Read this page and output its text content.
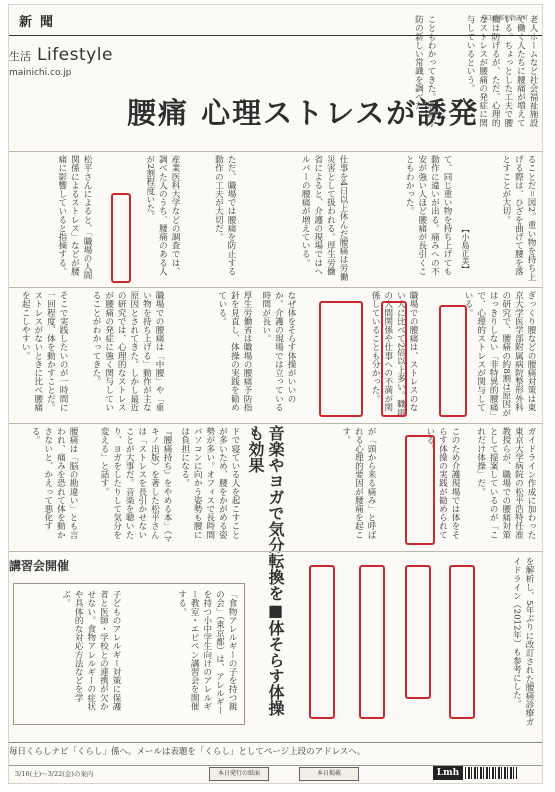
新聞	第3種郵便物認可
生活 Lifestyle
mainichi.co.jp
腰痛 心理ストレスが誘発	老人ホームなど社会福祉施設で働く人たちに腰痛が増えている。ちょっとした工夫で腰痛は防げるが、ただ、心理的なストレスが腰痛の発症に関与しているという。
こともわかってきた。腰痛予防の新しい常識を調べた。
松平さんによると、「職場の人間関係によるストレス」などが腰痛に影響していると指摘する。	産業医科大学などの調査では、調べた人のうち、腰痛のある人が2割程度いた。	ただ、職場では腰痛を防止する動作の工夫が大切だ。	仕事を4日以上休んだ腰痛は労働災害として扱われる。厚生労働省によると、介護の現場ではヘルパーの腰痛が増えている。	て、同じ重い物を持ち上げても動作に違いが出る。痛みへの不安が強い人ほど腰痛が長引くこともわかった。
【小島正美】	ることだ＝図2。重い物を持ち上げる際は、ひざを曲げて腰を落とすことが大切。
そこで実践したいのが一時間に一回程度、体を動かすことだ。ストレスがないときに比べ腰痛を起こしやすい。	職場での腰痛は「中腰」や「重い物を持ち上げる」動作が主な原因とされてきた。しかし最近の研究では、心理的なストレスが腰痛の発症に強く関与していることがわかってきた。	厚生労働省は職場の腰痛予防指針を見直し、体操の実践を勧めている。	なぜ体をそらす体操がいいのか。介護の現場では立っている時間が長い。	職場での腰痛は、ストレスのない人に比べて2倍以上多い。職場の人間関係や仕事への不満が関係していることも分かった。	ぎっくり腰などの腰痛対策は東京大学医学部附属病院整形外科の研究で、腰痛の約8割は原因がはっきりしない「非特異的腰痛」で、心理的ストレスが関与している。
腰痛は「脳の勘違い」とも言われ、痛みを恐れて体を動かさないと、かえって悪化する。	『腰痛持ち』をやめる本」（マキノ出版）を著した松平さんは「ストレスを長引かせないことが大事だ。音楽を聴いたり、ヨガをしたりして気分を変える」と話す。	ドで寝ている人を起こすことが多いため、腰をかがめる姿勢が多い。オフィスで長時間パソコンに向かう姿勢も腰には負担になる。	音楽やヨガで気分転換を■体そらす体操も効果	が「頭から来る痛み」と呼ばれる心理的要因が腰痛を起こす。	このため介護現場では体をそらす体操の実践が勧められている。	ガイドライン作成に加わった東京大学病院の松平浩特任准教授らが、職場での腰痛対策として提案しているのが「これだけ体操」だ。
講習会開催
子どものアレルギー対策に保護者と医師・学校との連携が欠かせない。食物アレルギーの症状や具体的な対応方法などを学ぶ。	「食物アレルギーの子を持つ親の会」（東京都）は、アレルギーを持つ小中学生向けのアレルギー教室・エピペン講習会を開催する。	を解析し、5年ぶりに改訂された腰痛診療ガイドライン（2012年）も参考にした。
毎日くらしナビ「くらし」係へ。メールは表題を「くらし」としてページ上段のアドレスへ。
3/16(土)～3/22(金)の案内	本日発行の紙面	本日掲載	Lmh
